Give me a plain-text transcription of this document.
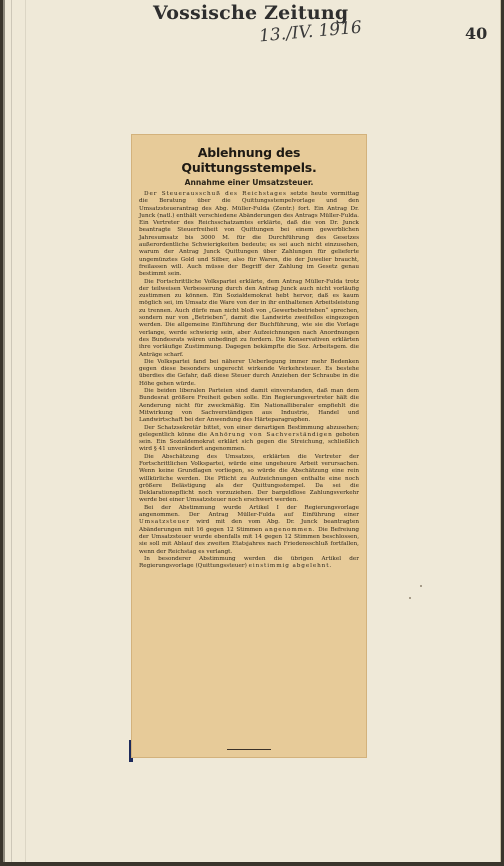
Vossische Zeitung
13./IV. 1916	40
Ablehnung des Quittungsstempels.
Annahme einer Umsatzsteuer.

Der Steuerausschuß des Reichstages setzte heute vormittag die Beratung über die Quittungsstempelvorlage und den Umsatzsteuerantrag des Abg. Müller-Fulda (Zentr.) fort. Ein Antrag Dr. Junck (natl.) enthält verschiedene Abänderungen des Antrags Müller-Fulda. Ein Vertreter des Reichsschatzamtes erklärte, daß die von Dr. Junck beantragte Steuerfreiheit von Quittungen bei einem gewerblichen Jahresumsatz bis 3000 M. für die Durchführung des Gesetzes außerordentliche Schwierigkeiten bedeute; es sei auch nicht einzusehen, warum der Antrag Junck Quittungen über Zahlungen für gelieferte ungemünztes Gold und Silber, also für Waren, die der Juwelier braucht, freilassen will. Auch müsse der Begriff der Zahlung im Gesetz genau bestimmt sein.

Die Fortschrittliche Volkspartei erklärte, dem Antrag Müller-Fulda trotz der teilweisen Verbesserung durch den Antrag Junck auch nicht vorläufig zustimmen zu können. Ein Sozialdemokrat hebt hervor, daß es kaum möglich sei, im Umsatz die Ware von der in ihr enthaltenen Arbeitsleistung zu trennen. Auch dürfe man nicht bloß von „Gewerbebetrieben“ sprechen, sondern nur von „Betrieben“, damit die Landwirte zweifellos eingezogen werden. Die allgemeine Einführung der Buchführung, wie sie die Vorlage verlange, werde schwierig sein, aber Aufzeichnungen nach Anordnungen des Bundesrats wären unbedingt zu fordern. Die Konservativen erklärten ihre vorläufige Zustimmung. Dagegen bekämpfte die Soz. Arbeitsgem. die Anträge scharf.

Die Volkspartei fand bei näherer Ueberlegung immer mehr Bedenken gegen diese besonders ungerecht wirkende Verkehrsteuer. Es bestehe überdies die Gefahr, daß diese Steuer durch Anziehen der Schraube in die Höhe gehen würde.

Die beiden liberalen Parteien sind damit einverstanden, daß man dem Bundesrat größere Freiheit geben solle. Ein Regierungsvertreter hält die Aenderung nicht für zweckmäßig. Ein Nationalliberaler empfiehlt die Mitwirkung von Sachverständigen aus Industrie, Handel und Landwirtschaft bei der Anwendung des Härteparagraphen.

Der Schatzsekretär bittet, von einer derartigen Bestimmung abzusehen; gelegentlich könne die Anhörung von Sachverständigen geboten sein. Ein Sozialdemokrat erklärt sich gegen die Streichung, schließlich wird § 41 unverändert angenommen.

Die Abschätzung des Umsatzes, erklärten die Vertreter der Fortschrittlichen Volkspartei, würde eine ungeheure Arbeit verursachen. Wenn keine Grundlagen vorliegen, so würde die Abschätzung eine rein willkürliche werden. Die Pflicht zu Aufzeichnungen enthalte eine noch größere Belästigung als der Quittungsstempel. Da sei die Deklarationspflicht noch vorzuziehen. Der bargeldlose Zahlungsverkehr werde bei einer Umsatzsteuer noch erschwert werden.

Bei der Abstimmung wurde Artikel I der Regierungsvorlage angenommen. Der Antrag Müller-Fulda auf Einführung einer Umsatzsteuer wird mit den vom Abg. Dr. Junck beantragten Abänderungen mit 16 gegen 12 Stimmen angenommen. Die Befreiung der Umsatzsteuer wurde ebenfalls mit 14 gegen 12 Stimmen beschlossen, sie soll mit Ablauf des zweiten Etatsjahres nach Friedensschluß fortfallen, wenn der Reichstag es verlangt.

In besonderer Abstimmung werden die übrigen Artikel der Regierungsvorlage (Quittungssteuer) einstimmig abgelehnt.
